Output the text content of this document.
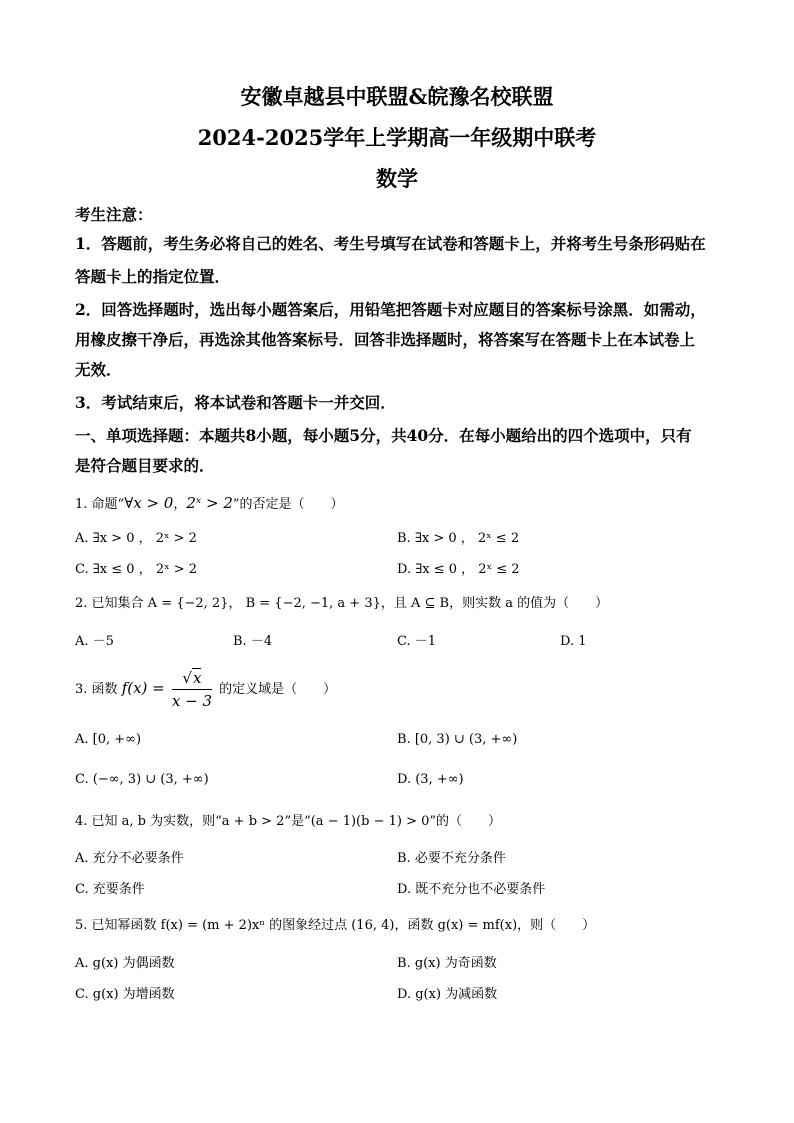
安徽卓越县中联盟&皖豫名校联盟
2024-2025学年上学期高一年级期中联考
数学
考生注意：
1．答题前，考生务必将自己的姓名、考生号填写在试卷和答题卡上，并将考生号条形码贴在
答题卡上的指定位置．
2．回答选择题时，选出每小题答案后，用铅笔把答题卡对应题目的答案标号涂黑．如需动，
用橡皮擦干净后，再选涂其他答案标号．回答非选择题时，将答案写在答题卡上在本试卷上
无效．
3．考试结束后，将本试卷和答题卡一并交回．
一、单项选择题：本题共8小题，每小题5分，共40分．在每小题给出的四个选项中，只有
是符合题目要求的．
1. 命题“∀x > 0，2ˣ > 2”的否定是（　　）
A. ∃x > 0 ， 2ˣ > 2	B. ∃x > 0 ， 2ˣ ≤ 2
C. ∃x ≤ 0 ， 2ˣ > 2	D. ∃x ≤ 0 ， 2ˣ ≤ 2
2. 已知集合 A = {−2, 2}， B = {−2, −1, a + 3}，且 A ⊆ B，则实数 a 的值为（　　）
A. －5	B. －4	C. －1	D. 1
3. 函数 $f(x) = \frac{√x}{x - 3}$ 的定义域是（　　）
A. [0, +∞)	B. [0, 3) ∪ (3, +∞)
C. (−∞, 3) ∪ (3, +∞)	D. (3, +∞)
4. 已知 a, b 为实数，则“a + b > 2”是“(a − 1)(b − 1) > 0”的（　　）
A. 充分不必要条件	B. 必要不充分条件
C. 充要条件	D. 既不充分也不必要条件
5. 已知幂函数 f(x) = (m + 2)xⁿ 的图象经过点 (16, 4)，函数 g(x) = mf(x)，则（　　）
A. g(x) 为偶函数	B. g(x) 为奇函数
C. g(x) 为增函数	D. g(x) 为减函数
